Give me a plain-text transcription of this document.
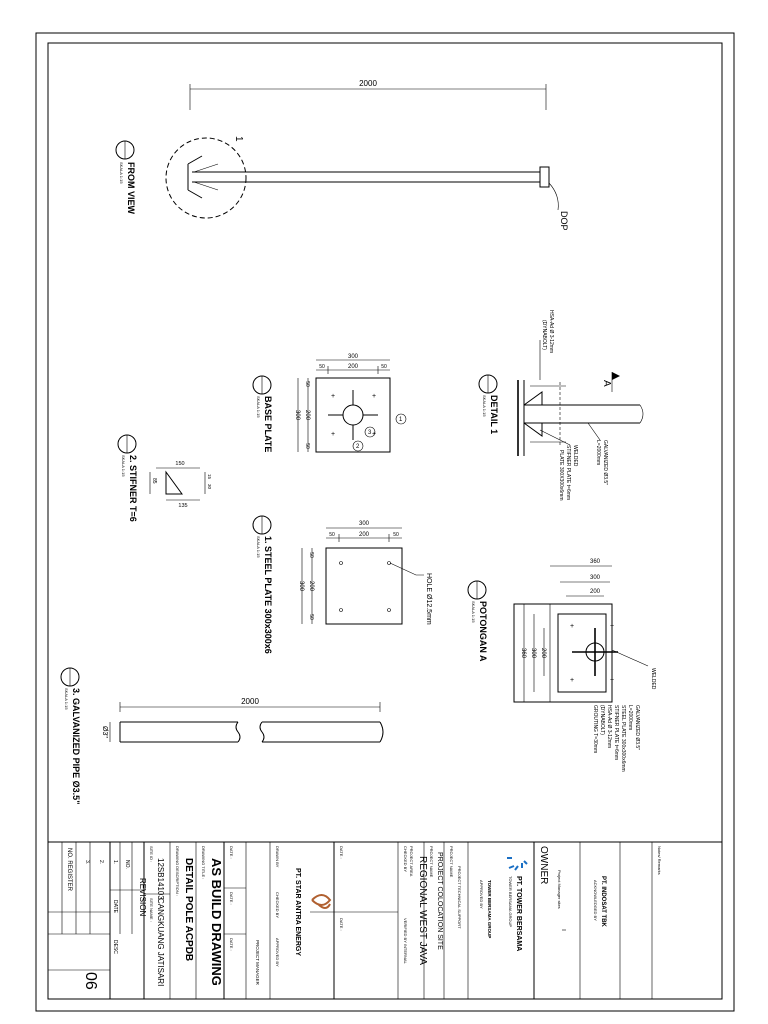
2000
1
DOP
FROM VIEW
SKALA 1:15
+	+
+	+
300
50	200	50
300
50
200
50
1
2
3
BASE PLATE
SKALA 1:15
A
HSA-Ad Ø 3-12mm
(DYNABOLT)
GALVANIZED Ø3.5"
L=2000mm
WELDED
STIFNER PLATE t=6mm
PLATE 300X300x6mm
DETAIL 1
SKALA 1:15
150
135
15
30
85
2. STIFNER T=6
SKALA 1:15
300
50	200	50
300
50
200
50	HOLE Ø12.5mm
1. STEEL PLATE 300x300x6
SKALA 1:15
+	+
+	+
360
300
200
360 300 200
WELDED
GALVANIZED Ø3.5"
L=2000mm
STEEL PLATE 300x300x6mm
STIFNER PLATE t=6mm
HSA-Ad Ø 3-12mm
(DYNABOLT)
GROUTING T=30mm
POTONGAN A
SKALA 1:15
2000
Ø3"
3. GALVANIZED PIPE Ø3.5"
SKALA 1:15
NO. REGISTER
06
3. 2. 1. NO.
DATE
DESC
REVISION
SITE ID :
12SB14103
SITE NAME : CANGKUANG JATISARI
DRAWING DESCRIPTION : DETAIL POLE ACPDB DRAWING TITLE : AS BUILD DRAWING
DATE :
DATE :
DATE :	PROJECT MANAGER
DRAWN BY
CHECKED BY
APPROVED BY PT. STAR ANTRA ENERGY
DATE :
DATE :
CHECKED BY
VERIFIED BY INTERNAL
PROJECT AREA REGIONAL WEST JAVA PROJECT NAME PROJECT COLOCATION SITE PROJECT NAME
PROJECT TECHNICAL SUPPORT	APPROVED BY TOWER BERSAMA GROUP	PT. TOWER BERSAMA
TOWER BERSAMA GROUP
OWNER
Project Manager sites	ACKNOWLEDGED BY PT. INDOSAT TBK
Notes/ Remarks
